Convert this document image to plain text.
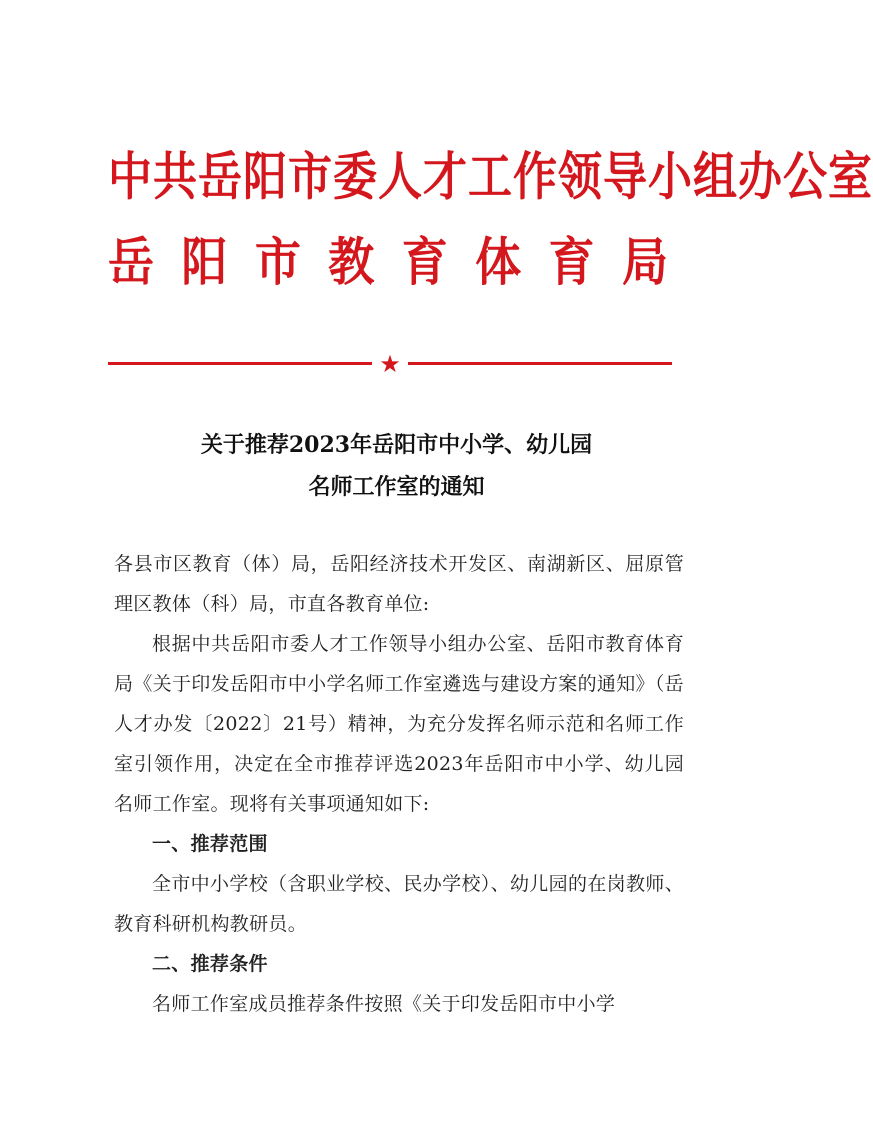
中共岳阳市委人才工作领导小组办公室
岳 阳 市 教 育 体 育 局
★
关于推荐2023年岳阳市中小学、幼儿园
名师工作室的通知

各县市区教育（体）局，岳阳经济技术开发区、南湖新区、屈原管理区教体（科）局，市直各教育单位:

根据中共岳阳市委人才工作领导小组办公室、岳阳市教育体育局《关于印发岳阳市中小学名师工作室遴选与建设方案的通知》（岳人才办发〔2022〕21号）精神，为充分发挥名师示范和名师工作室引领作用，决定在全市推荐评选2023年岳阳市中小学、幼儿园名师工作室。现将有关事项通知如下:

一、推荐范围

全市中小学校（含职业学校、民办学校）、幼儿园的在岗教师、教育科研机构教研员。

二、推荐条件

名师工作室成员推荐条件按照《关于印发岳阳市中小学
